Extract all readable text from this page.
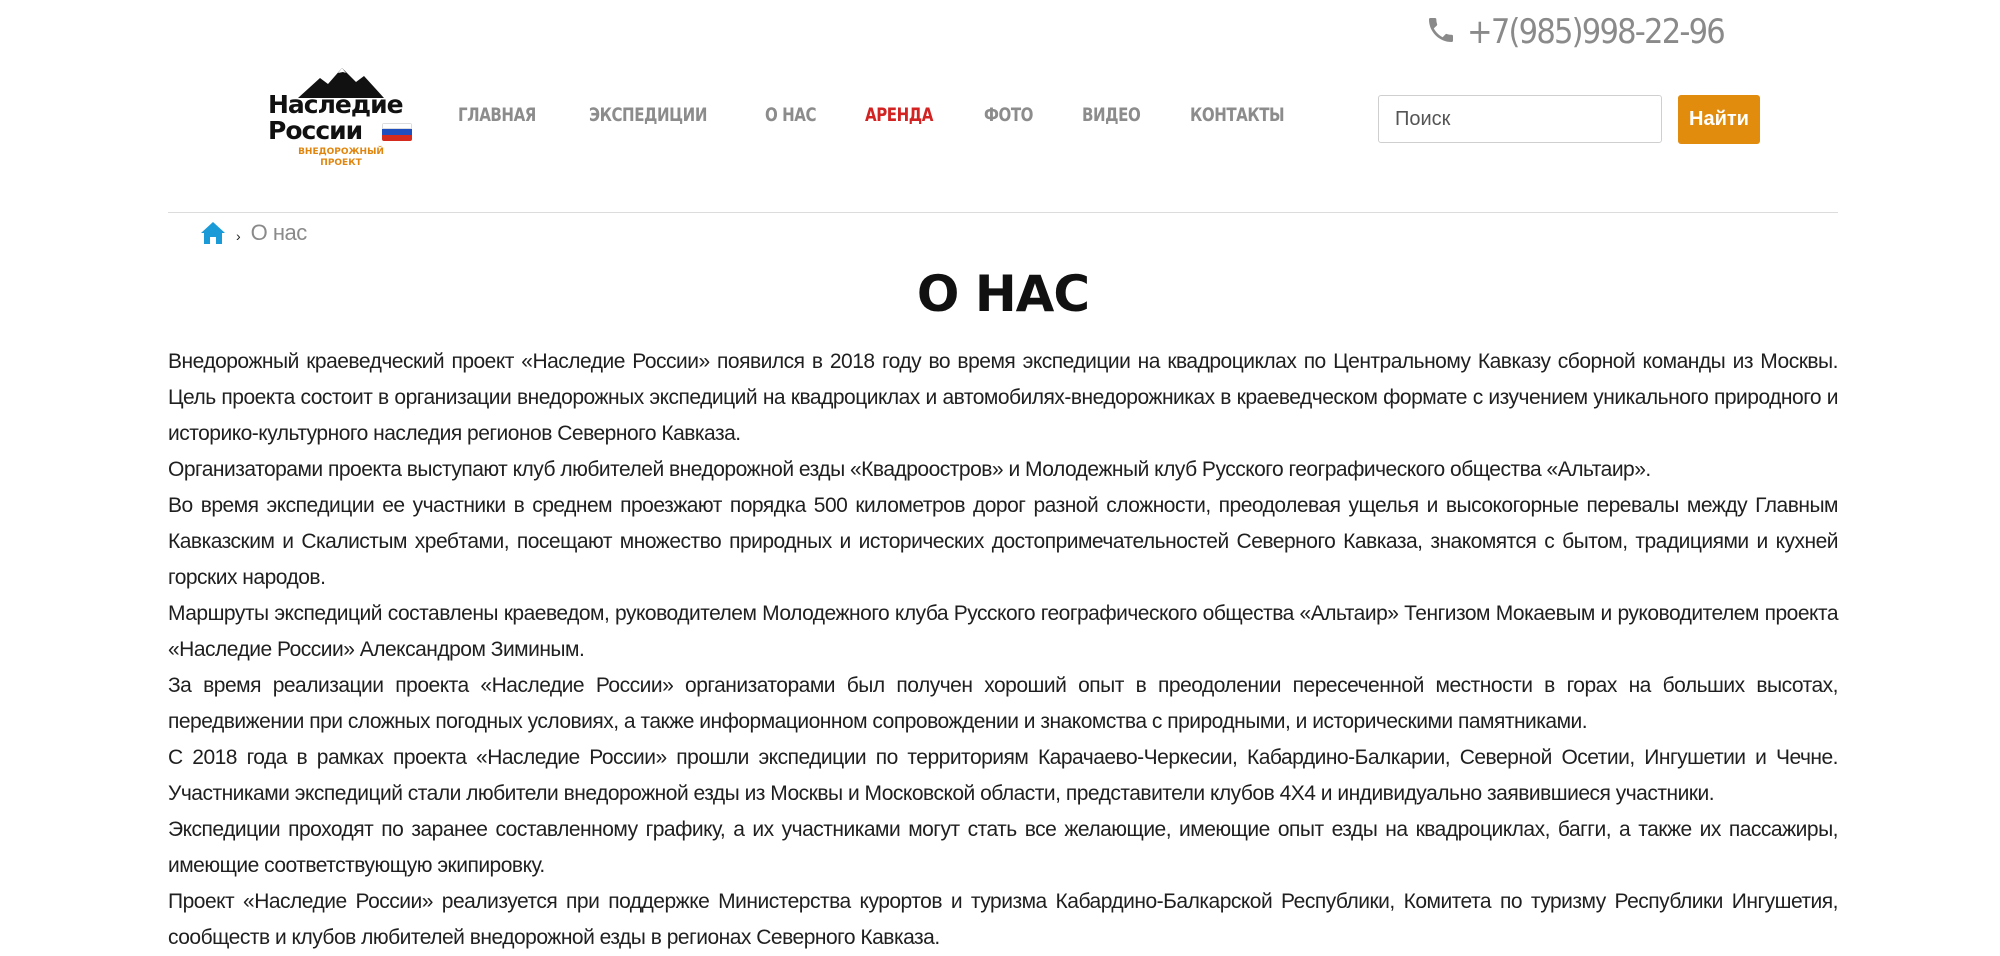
+7(985)998-22-96
Наследие
России
ВНЕДОРОЖНЫЙ
ПРОЕКТ
ГЛАВНАЯ	ЭКСПЕДИЦИИ	О НАС	АРЕНДА	ФОТО	ВИДЕО	КОНТАКТЫ
Поиск	Найти
› О нас
О НАС

Внедорожный краеведческий проект «Наследие России» появился в 2018 году во время экспедиции на квадроциклах по Центральному Кавказу сборной команды из Москвы. Цель проекта состоит в организации внедорожных экспедиций на квадроциклах и автомобилях-внедорожниках в краеведческом формате с изучением уникального природного и историко-культурного наследия регионов Северного Кавказа.

Организаторами проекта выступают клуб любителей внедорожной езды «Квадроостров» и Молодежный клуб Русского географического общества «Альтаир».

Во время экспедиции ее участники в среднем проезжают порядка 500 километров дорог разной сложности, преодолевая ущелья и высокогорные перевалы между Главным Кавказским и Скалистым хребтами, посещают множество природных и исторических достопримечательностей Северного Кавказа, знакомятся с бытом, традициями и кухней горских народов.

Маршруты экспедиций составлены краеведом, руководителем Молодежного клуба Русского географического общества «Альтаир» Тенгизом Мокаевым и руководителем проекта «Наследие России» Александром Зиминым.

За время реализации проекта «Наследие России» организаторами был получен хороший опыт в преодолении пересеченной местности в горах на больших высотах, передвижении при сложных погодных условиях, а также информационном сопровождении и знакомства с природными, и историческими памятниками.

С 2018 года в рамках проекта «Наследие России» прошли экспедиции по территориям Карачаево-Черкесии, Кабардино-Балкарии, Северной Осетии, Ингушетии и Чечне. Участниками экспедиций стали любители внедорожной езды из Москвы и Московской области, представители клубов 4Х4 и индивидуально заявившиеся участники.

Экспедиции проходят по заранее составленному графику, а их участниками могут стать все желающие, имеющие опыт езды на квадроциклах, багги, а также их пассажиры, имеющие соответствующую экипировку.

Проект «Наследие России» реализуется при поддержке Министерства курортов и туризма Кабардино-Балкарской Республики, Комитета по туризму Республики Ингушетия, сообществ и клубов любителей внедорожной езды в регионах Северного Кавказа.
